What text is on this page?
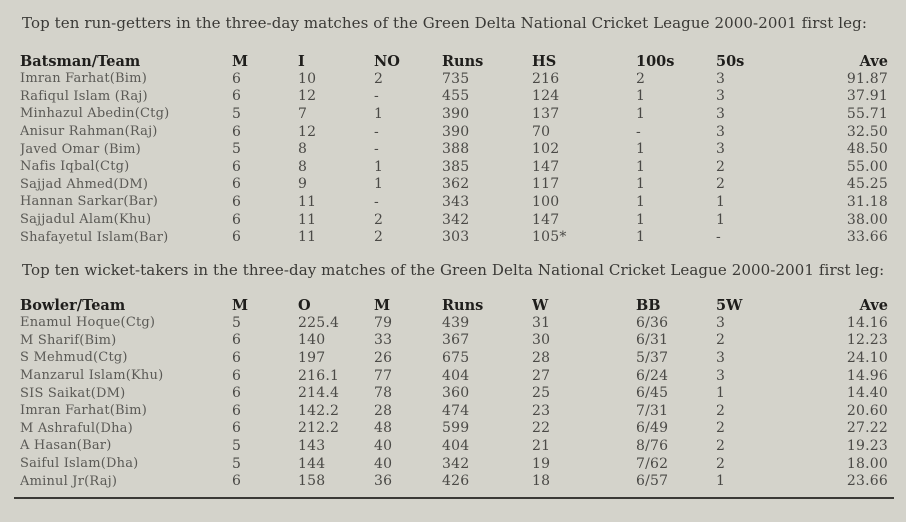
Top ten run-getters in the three-day matches of the Green Delta National Cricket League 2000-2001 first leg:
Batsman/Team	M	I	NO	Runs	HS	100s	50s	Ave
Imran Farhat(Bim)	6	10	2	735	216	2	3	91.87
Rafiqul Islam (Raj)	6	12	-	455	124	1	3	37.91
Minhazul Abedin(Ctg)	5	7	1	390	137	1	3	55.71
Anisur Rahman(Raj)	6	12	-	390	70	-	3	32.50
Javed Omar (Bim)	5	8	-	388	102	1	3	48.50
Nafis Iqbal(Ctg)	6	8	1	385	147	1	2	55.00
Sajjad Ahmed(DM)	6	9	1	362	117	1	2	45.25
Hannan Sarkar(Bar)	6	11	-	343	100	1	1	31.18
Sajjadul Alam(Khu)	6	11	2	342	147	1	1	38.00
Shafayetul Islam(Bar)	6	11	2	303	105*	1	-	33.66
Top ten wicket-takers in the three-day matches of the Green Delta National Cricket League 2000-2001 first leg:
Bowler/Team	M	O	M	Runs	W	BB	5W	Ave
Enamul Hoque(Ctg)	5	225.4	79	439	31	6/36	3	14.16
M Sharif(Bim)	6	140	33	367	30	6/31	2	12.23
S Mehmud(Ctg)	6	197	26	675	28	5/37	3	24.10
Manzarul Islam(Khu)	6	216.1	77	404	27	6/24	3	14.96
SIS Saikat(DM)	6	214.4	78	360	25	6/45	1	14.40
Imran Farhat(Bim)	6	142.2	28	474	23	7/31	2	20.60
M Ashraful(Dha)	6	212.2	48	599	22	6/49	2	27.22
A Hasan(Bar)	5	143	40	404	21	8/76	2	19.23
Saiful Islam(Dha)	5	144	40	342	19	7/62	2	18.00
Aminul Jr(Raj)	6	158	36	426	18	6/57	1	23.66
